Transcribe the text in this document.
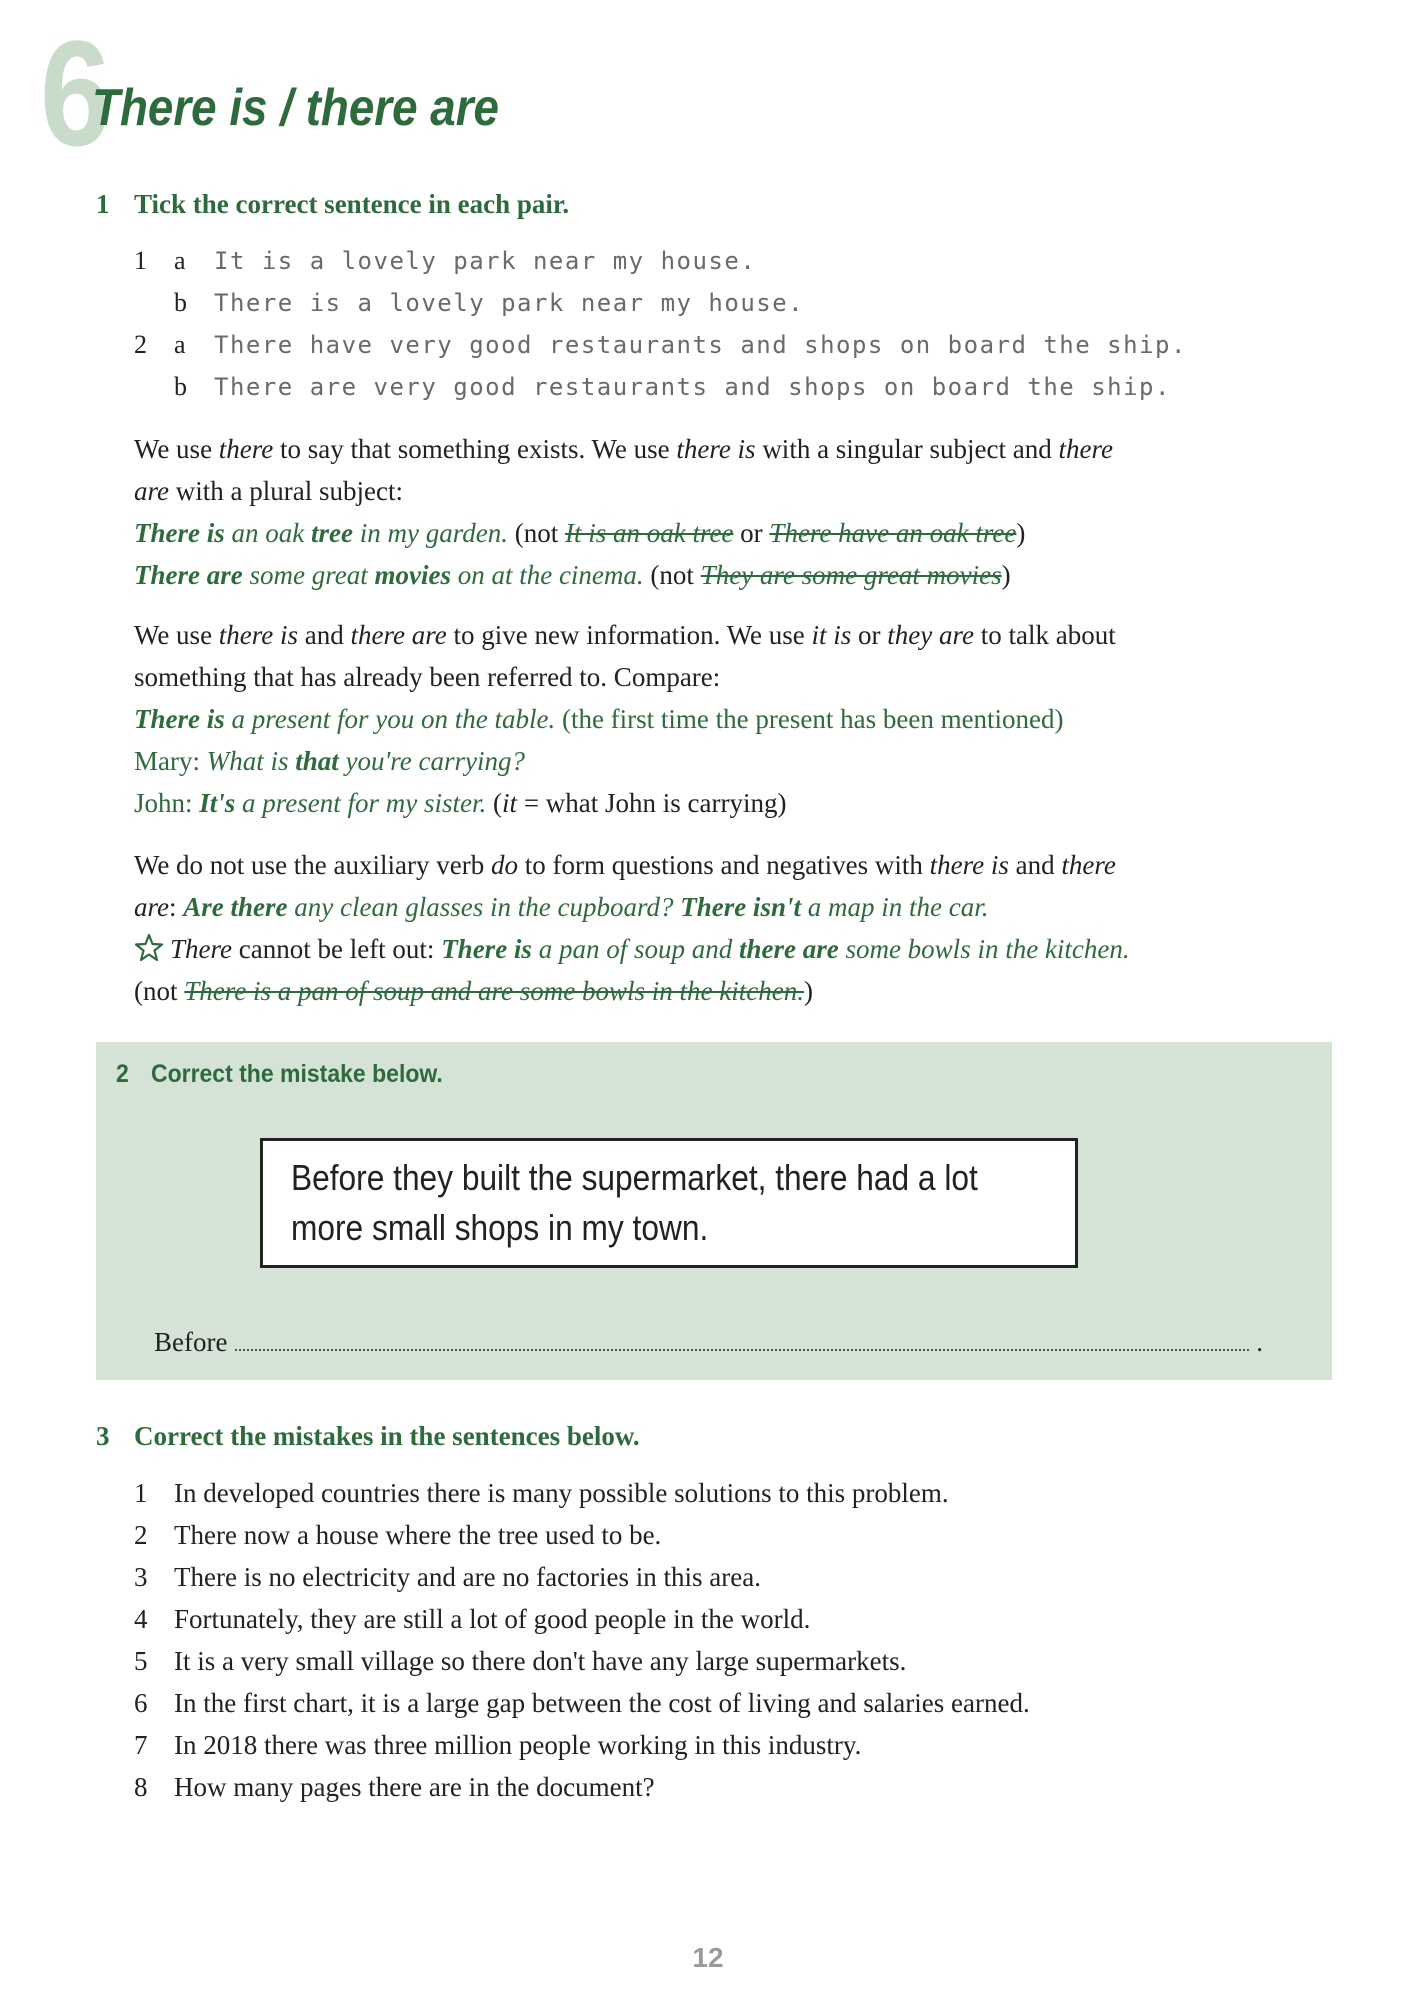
6
There is / there are
1 Tick the correct sentence in each pair.
1	a	It is a lovely park near my house.
b	There is a lovely park near my house.
2	a	There have very good restaurants and shops on board the ship.
b	There are very good restaurants and shops on board the ship.

We use there to say that something exists. We use there is with a singular subject and there

are with a plural subject:

There is an oak tree in my garden. (not It is an oak tree or There have an oak tree)

There are some great movies on at the cinema. (not They are some great movies)

We use there is and there are to give new information. We use it is or they are to talk about

something that has already been referred to. Compare:

There is a present for you on the table. (the first time the present has been mentioned)

Mary: What is that you're carrying?

John: It's a present for my sister. (it = what John is carrying)

We do not use the auxiliary verb do to form questions and negatives with there is and there

are: Are there any clean glasses in the cupboard? There isn't a map in the car.

There cannot be left out: There is a pan of soup and there are some bowls in the kitchen.

(not There is a pan of soup and are some bowls in the kitchen.)

2 Correct the mistake below.
Before they built the supermarket, there had a lot
more small shops in my town.
Before	.
3 Correct the mistakes in the sentences below.
1 In developed countries there is many possible solutions to this problem.
2 There now a house where the tree used to be.
3 There is no electricity and are no factories in this area.
4 Fortunately, they are still a lot of good people in the world.
5 It is a very small village so there don't have any large supermarkets.
6 In the first chart, it is a large gap between the cost of living and salaries earned.
7 In 2018 there was three million people working in this industry.
8 How many pages there are in the document?
12
